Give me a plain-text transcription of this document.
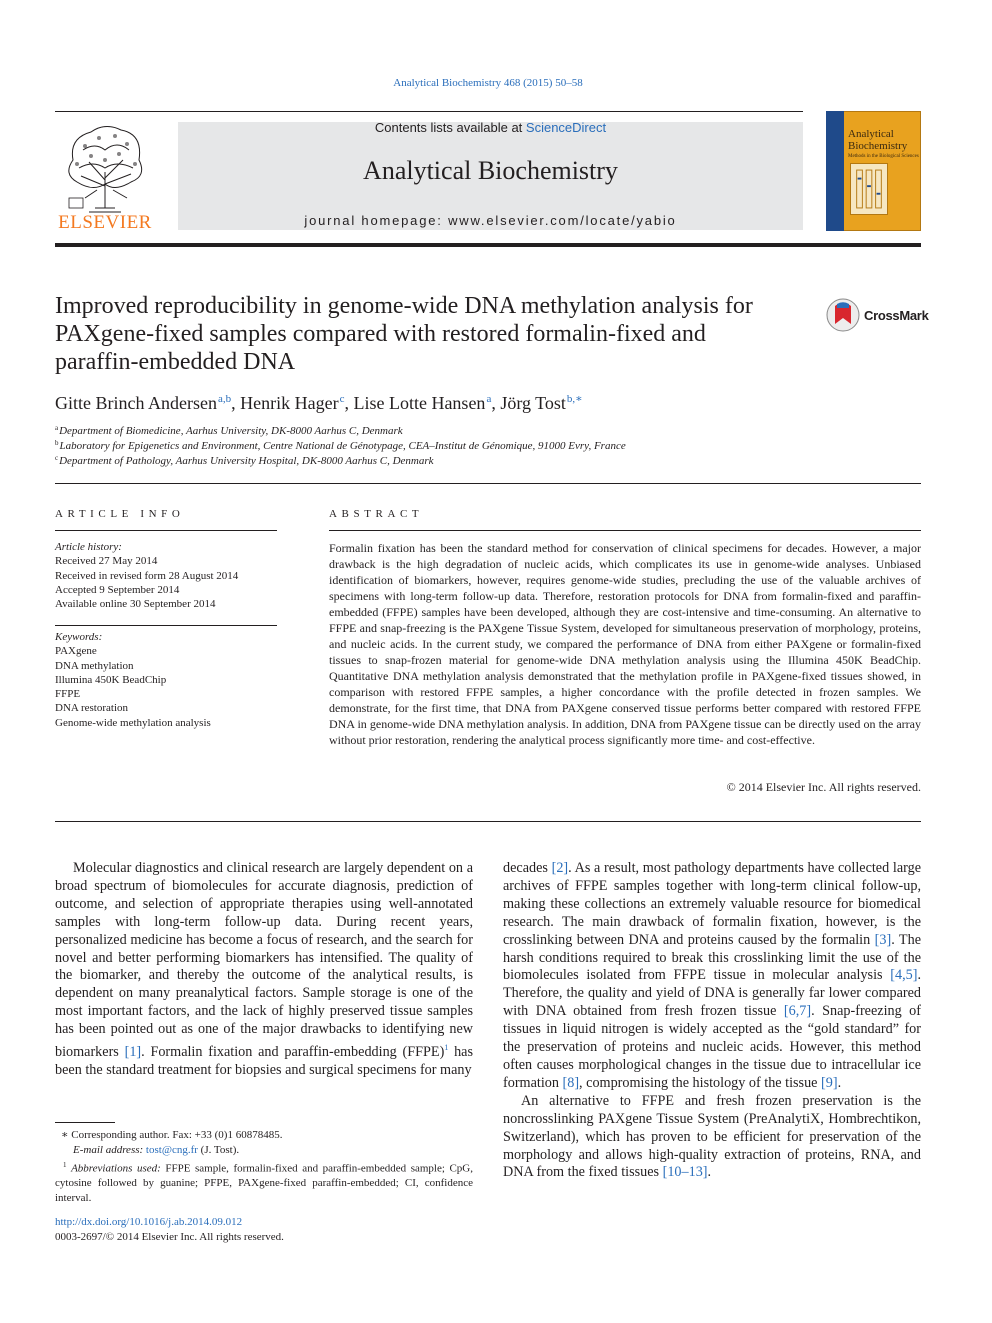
Analytical Biochemistry 468 (2015) 50–58
ELSEVIER
Contents lists available at ScienceDirect
Analytical Biochemistry
journal homepage: www.elsevier.com/locate/yabio
Analytical Biochemistry
Methods in the Biological Sciences
Improved reproducibility in genome-wide DNA methylation analysis for PAXgene-fixed samples compared with restored formalin-fixed and paraffin-embedded DNA
CrossMark
Gitte Brinch Andersen$^{a,b}$, Henrik Hager$^c$, Lise Lotte Hansen$^a$, Jörg Tost$^{b,∗}$
$^a$Department of Biomedicine, Aarhus University, DK-8000 Aarhus C, Denmark
$^b$Laboratory for Epigenetics and Environment, Centre National de Génotypage, CEA–Institut de Génomique, 91000 Evry, France
$^c$Department of Pathology, Aarhus University Hospital, DK-8000 Aarhus C, Denmark
ARTICLE INFO
Article history:
Received 27 May 2014
Received in revised form 28 August 2014
Accepted 9 September 2014
Available online 30 September 2014
Keywords:
PAXgene
DNA methylation
Illumina 450K BeadChip
FFPE
DNA restoration
Genome-wide methylation analysis
ABSTRACT
Formalin fixation has been the standard method for conservation of clinical specimens for decades. However, a major drawback is the high degradation of nucleic acids, which complicates its use in genome-wide analyses. Unbiased identification of biomarkers, however, requires genome-wide studies, precluding the use of the valuable archives of specimens with long-term follow-up data. Therefore, restoration protocols for DNA from formalin-fixed and paraffin-embedded (FFPE) samples have been developed, although they are cost-intensive and time-consuming. An alternative to FFPE and snap-freezing is the PAXgene Tissue System, developed for simultaneous preservation of morphology, proteins, and nucleic acids. In the current study, we compared the performance of DNA from either PAXgene or formalin-fixed tissues to snap-frozen material for genome-wide DNA methylation analysis using the Illumina 450K BeadChip. Quantitative DNA methylation analysis demonstrated that the methylation profile in PAXgene-fixed tissues showed, in comparison with restored FFPE samples, a higher concordance with the profile detected in frozen samples. We demonstrate, for the first time, that DNA from PAXgene conserved tissue performs better compared with restored FFPE DNA in genome-wide DNA methylation analysis. In addition, DNA from PAXgene tissue can be directly used on the array without prior restoration, rendering the analytical process significantly more time- and cost-effective.
© 2014 Elsevier Inc. All rights reserved.

Molecular diagnostics and clinical research are largely dependent on a broad spectrum of biomolecules for accurate diagnosis, prediction of outcome, and selection of appropriate therapies using well-annotated samples with long-term follow-up data. During recent years, personalized medicine has become a focus of research, and the search for novel and better performing biomarkers has intensified. The quality of the biomarker, and thereby the outcome of the analytical results, is dependent on many preanalytical factors. Sample storage is one of the most important factors, and the lack of highly preserved tissue samples has been pointed out as one of the major drawbacks to identifying new biomarkers [1]. Formalin fixation and paraffin-embedding (FFPE)$^1$ has been the standard treatment for biopsies and surgical specimens for many

decades [2]. As a result, most pathology departments have collected large archives of FFPE samples together with long-term clinical follow-up, making these collections an extremely valuable resource for biomedical research. The main drawback of formalin fixation, however, is the crosslinking between DNA and proteins caused by the formalin [3]. The harsh conditions required to break this crosslinking limit the use of the biomolecules isolated from FFPE tissue in molecular analysis [4,5]. Therefore, the quality and yield of DNA is generally far lower compared with DNA obtained from fresh frozen tissue [6,7]. Snap-freezing of tissues in liquid nitrogen is widely accepted as the “gold standard” for the preservation of proteins and nucleic acids. However, this method often causes morphological changes in the tissue due to intracellular ice formation [8], compromising the histology of the tissue [9].

An alternative to FFPE and fresh frozen preservation is the noncrosslinking PAXgene Tissue System (PreAnalytiX, Hombrechtikon, Switzerland), which has proven to be efficient for preservation of the morphology and allows high-quality extraction of proteins, RNA, and DNA from the fixed tissues [10–13].

∗ Corresponding author. Fax: +33 (0)1 60878485.
E-mail address: tost@cng.fr (J. Tost).
$^1$ Abbreviations used: FFPE sample, formalin-fixed and paraffin-embedded sample; CpG, cytosine followed by guanine; PFPE, PAXgene-fixed paraffin-embedded; CI, confidence interval.
http://dx.doi.org/10.1016/j.ab.2014.09.012
0003-2697/© 2014 Elsevier Inc. All rights reserved.
